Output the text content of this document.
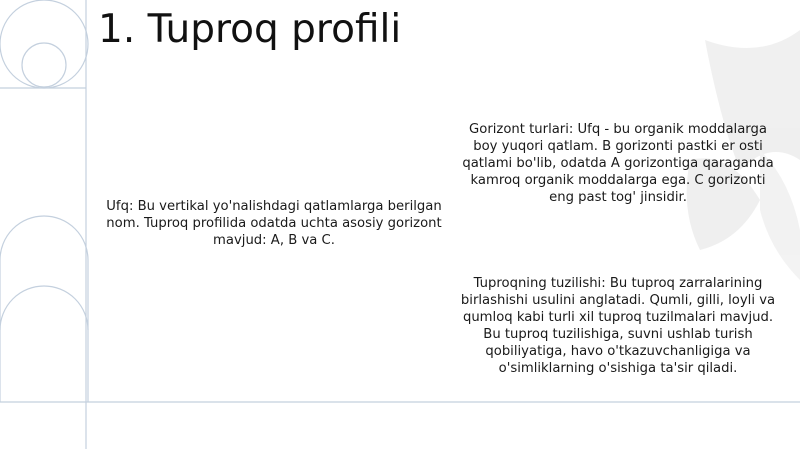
1. Tuproq profili

Ufq: Bu vertikal yo'nalishdagi qatlamlarga berilgan nom. Tuproq profilida odatda uchta asosiy gorizont mavjud: A, B va C.

Gorizont turlari: Ufq - bu organik moddalarga boy yuqori qatlam. B gorizonti pastki er osti qatlami bo'lib, odatda A gorizontiga qaraganda kamroq organik moddalarga ega. C gorizonti eng past tog' jinsidir.

Tuproqning tuzilishi: Bu tuproq zarralarining birlashishi usulini anglatadi. Qumli, gilli, loyli va qumloq kabi turli xil tuproq tuzilmalari mavjud. Bu tuproq tuzilishiga, suvni ushlab turish qobiliyatiga, havo o'tkazuvchanligiga va o'simliklarning o'sishiga ta'sir qiladi.
